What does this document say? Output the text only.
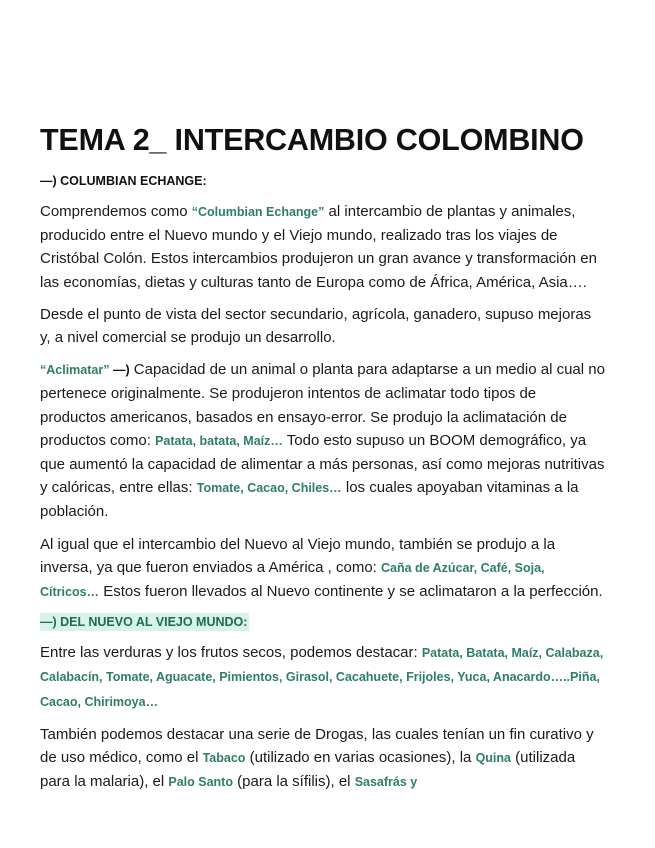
TEMA 2_ INTERCAMBIO COLOMBINO
—) COLUMBIAN ECHANGE:

Comprendemos como “Columbian Echange” al intercambio de plantas y animales, producido entre el Nuevo mundo y el Viejo mundo, realizado tras los viajes de Cristóbal Colón. Estos intercambios produjeron un gran avance y transformación en las economías, dietas y culturas tanto de Europa como de África, América, Asia….

Desde el punto de vista del sector secundario, agrícola, ganadero, supuso mejoras y, a nivel comercial se produjo un desarrollo.

“Aclimatar” —) Capacidad de un animal o planta para adaptarse a un medio al cual no pertenece originalmente. Se produjeron intentos de aclimatar todo tipos de productos americanos, basados en ensayo-error. Se produjo la aclimatación de productos como: Patata, batata, Maíz… Todo esto supuso un BOOM demográfico, ya que aumentó la capacidad de alimentar a más personas, así como mejoras nutritivas y calóricas, entre ellas: Tomate, Cacao, Chiles… los cuales apoyaban vitaminas a la población.

Al igual que el intercambio del Nuevo al Viejo mundo, también se produjo a la inversa, ya que fueron enviados a América , como: Caña de Azúcar, Café, Soja, Cítricos… Estos fueron llevados al Nuevo continente y se aclimataron a la perfección.

—) DEL NUEVO AL VIEJO MUNDO:

Entre las verduras y los frutos secos, podemos destacar: Patata, Batata, Maíz, Calabaza, Calabacín, Tomate, Aguacate, Pimientos, Girasol, Cacahuete, Frijoles, Yuca, Anacardo…..Piña, Cacao, Chirimoya…

También podemos destacar una serie de Drogas, las cuales tenían un fin curativo y de uso médico, como el Tabaco (utilizado en varias ocasiones), la Quina (utilizada para la malaria), el Palo Santo (para la sífilis), el Sasafrás y
